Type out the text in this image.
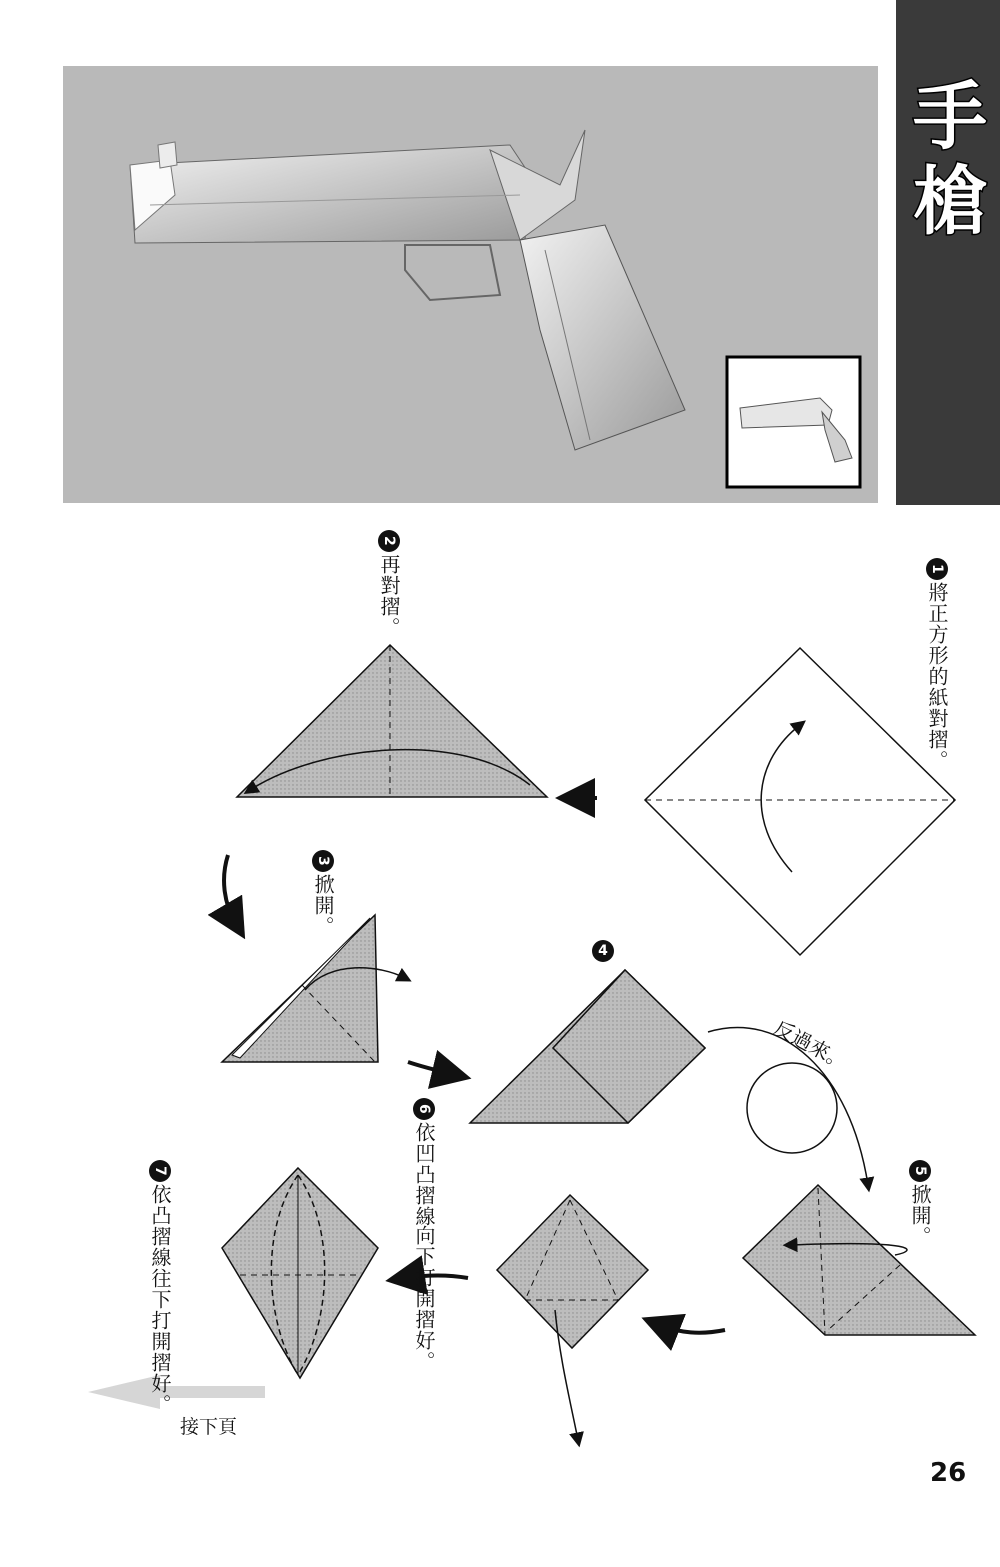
手
槍
1將正方形的紙對摺。
2再對摺。
3掀開。
4
5掀開。
6依凹凸摺線向下打開摺好。
7依凸摺線往下打開摺好。
反過來。
接下頁
26
